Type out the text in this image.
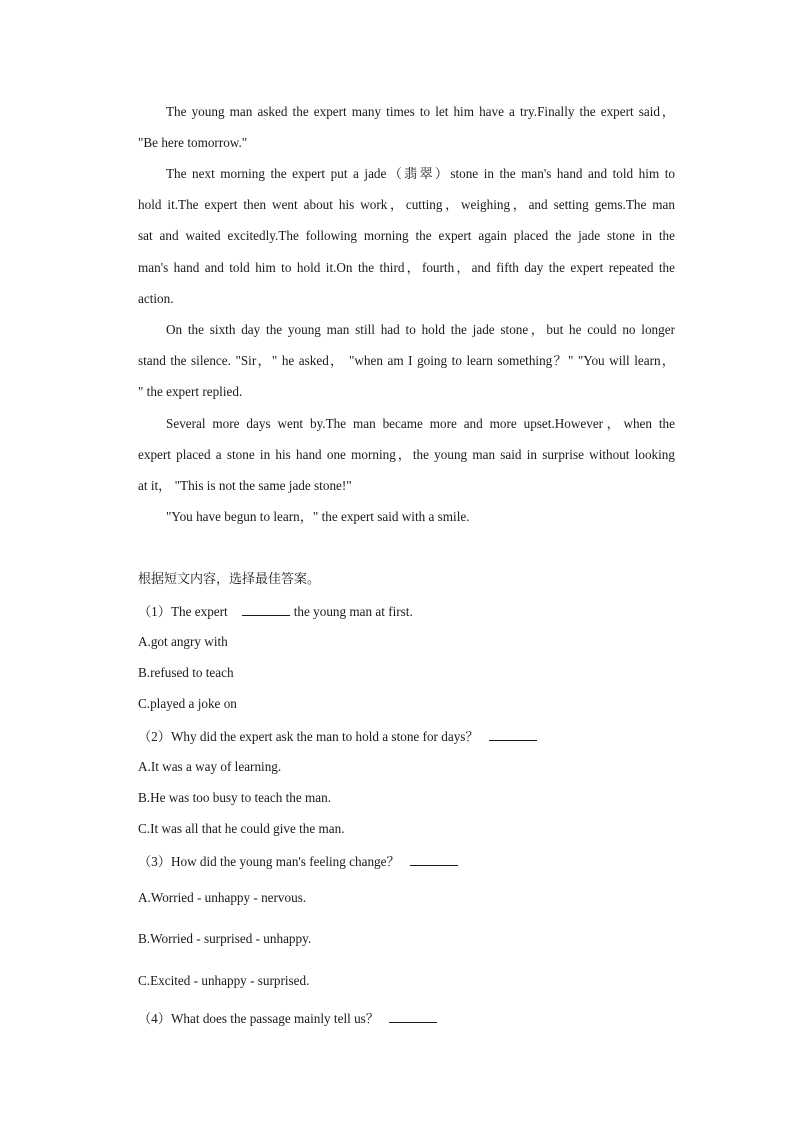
The young man asked the expert many times to let him have a try.Finally the expert said，
"Be here tomorrow."
The next morning the expert put a jade（翡翠）stone in the man's hand and told him to
hold it.The expert then went about his work，cutting，weighing，and setting gems.The man
sat and waited excitedly.The following morning the expert again placed the jade stone in the
man's hand and told him to hold it.On the third，fourth，and fifth day the expert repeated the
action.
On the sixth day the young man still had to hold the jade stone，but he could no longer
stand the silence. "Sir，" he asked， "when am I going to learn something？" "You will learn，
" the expert replied.
Several more days went by.The man became more and more upset.However，when the
expert placed a stone in his hand one morning，the young man said in surprise without looking
at it， "This is not the same jade stone!"
"You have begun to learn，" the expert said with a smile.
根据短文内容，选择最佳答案。
（1）The expert	the young man at first.
A.got angry with
B.refused to teach
C.played a joke on
（2）Why did the expert ask the man to hold a stone for days？
A.It was a way of learning.
B.He was too busy to teach the man.
C.It was all that he could give the man.
（3）How did the young man's feeling change？
A.Worried - unhappy - nervous.
B.Worried - surprised - unhappy.
C.Excited - unhappy - surprised.
（4）What does the passage mainly tell us？
